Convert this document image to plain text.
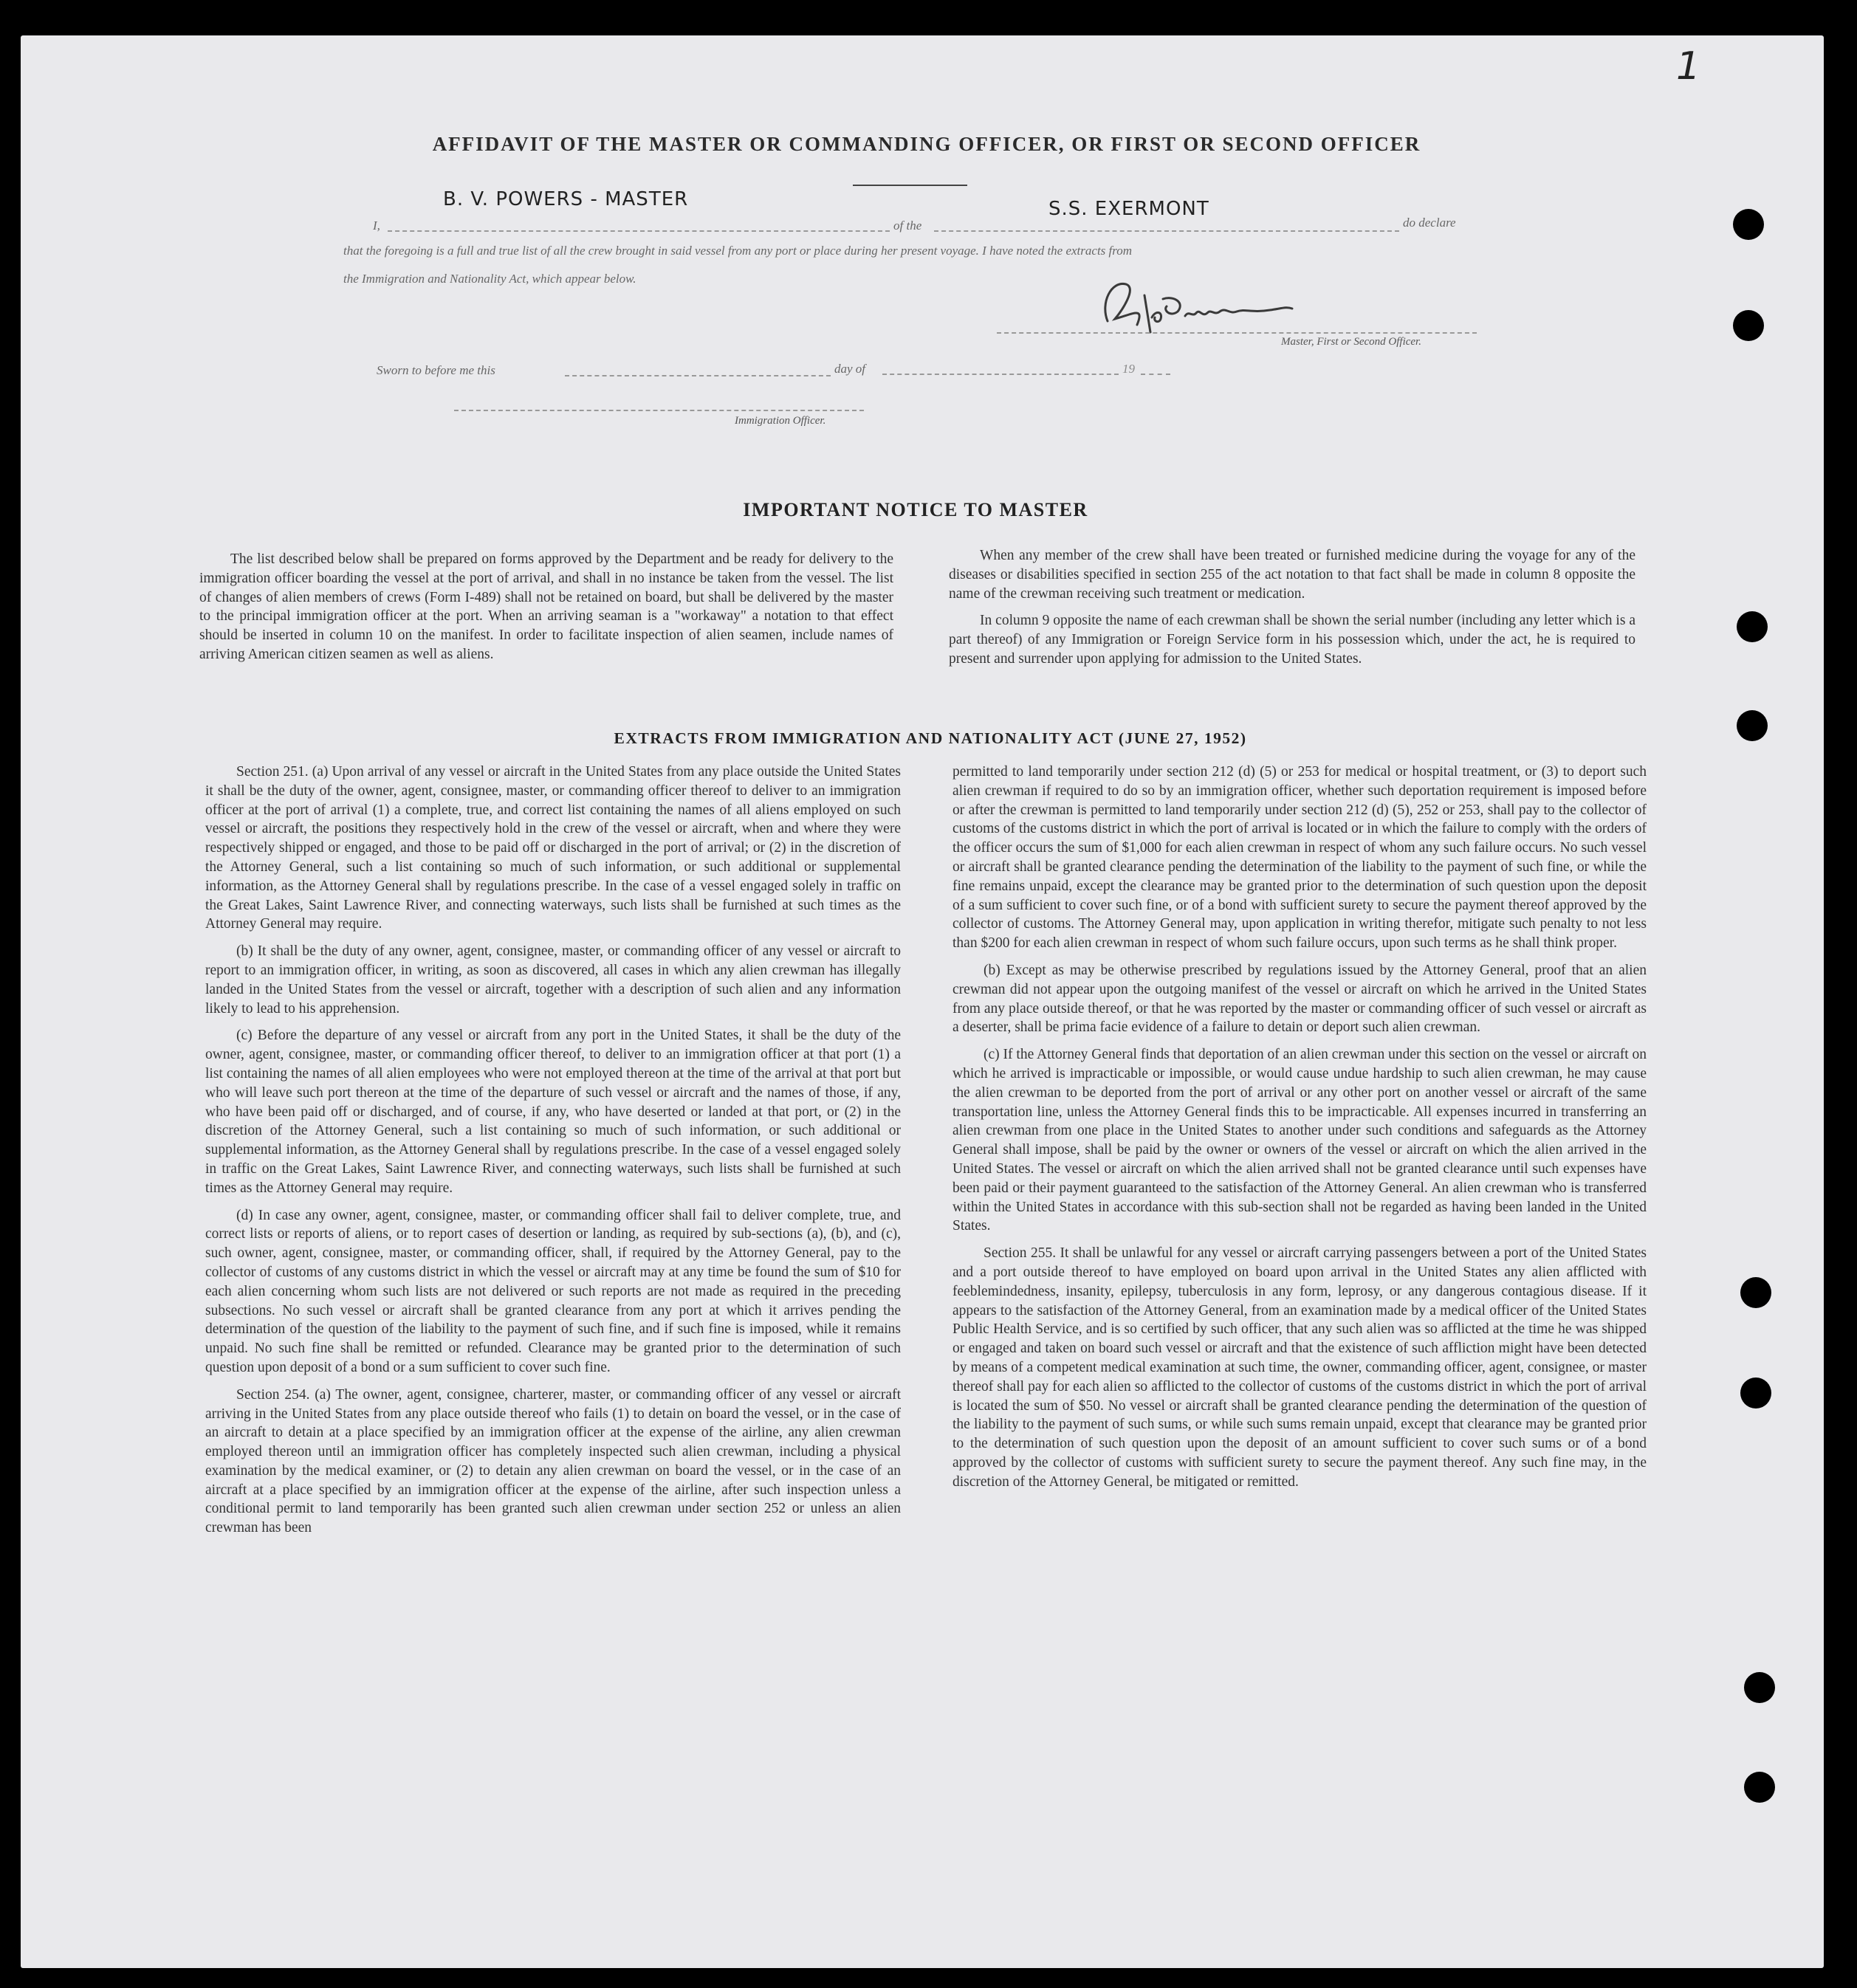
1
AFFIDAVIT OF THE MASTER OR COMMANDING OFFICER, OR FIRST OR SECOND OFFICER
B. V. POWERS - MASTER	S.S. EXERMONT
I,	of the	do declare
that the foregoing is a full and true list of all the crew brought in said vessel from any port or place during her present voyage. I have noted the extracts from
the Immigration and Nationality Act, which appear below.
Master, First or Second Officer.
Sworn to before me this	day of	19
Immigration Officer.
IMPORTANT NOTICE TO MASTER

The list described below shall be prepared on forms approved by the Department and be ready for delivery to the immigration officer boarding the vessel at the port of arrival, and shall in no instance be taken from the vessel. The list of changes of alien members of crews (Form I-489) shall not be retained on board, but shall be delivered by the master to the principal immigration officer at the port. When an arriving seaman is a "workaway" a notation to that effect should be inserted in column 10 on the manifest. In order to facilitate inspection of alien seamen, include names of arriving American citizen seamen as well as aliens.

When any member of the crew shall have been treated or furnished medicine during the voyage for any of the diseases or disabilities specified in section 255 of the act notation to that fact shall be made in column 8 opposite the name of the crewman receiving such treatment or medication.

In column 9 opposite the name of each crewman shall be shown the serial number (including any letter which is a part thereof) of any Immigration or Foreign Service form in his possession which, under the act, he is required to present and surrender upon applying for admission to the United States.

EXTRACTS FROM IMMIGRATION AND NATIONALITY ACT (JUNE 27, 1952)

Section 251. (a) Upon arrival of any vessel or aircraft in the United States from any place outside the United States it shall be the duty of the owner, agent, consignee, master, or commanding officer thereof to deliver to an immigration officer at the port of arrival (1) a complete, true, and correct list containing the names of all aliens employed on such vessel or aircraft, the positions they respectively hold in the crew of the vessel or aircraft, when and where they were respectively shipped or engaged, and those to be paid off or discharged in the port of arrival; or (2) in the discretion of the Attorney General, such a list containing so much of such information, or such additional or supplemental information, as the Attorney General shall by regulations prescribe. In the case of a vessel engaged solely in traffic on the Great Lakes, Saint Lawrence River, and connecting waterways, such lists shall be furnished at such times as the Attorney General may require.

(b) It shall be the duty of any owner, agent, consignee, master, or commanding officer of any vessel or aircraft to report to an immigration officer, in writing, as soon as discovered, all cases in which any alien crewman has illegally landed in the United States from the vessel or aircraft, together with a description of such alien and any information likely to lead to his apprehension.

(c) Before the departure of any vessel or aircraft from any port in the United States, it shall be the duty of the owner, agent, consignee, master, or commanding officer thereof, to deliver to an immigration officer at that port (1) a list containing the names of all alien employees who were not employed thereon at the time of the arrival at that port but who will leave such port thereon at the time of the departure of such vessel or aircraft and the names of those, if any, who have been paid off or discharged, and of course, if any, who have deserted or landed at that port, or (2) in the discretion of the Attorney General, such a list containing so much of such information, or such additional or supplemental information, as the Attorney General shall by regulations prescribe. In the case of a vessel engaged solely in traffic on the Great Lakes, Saint Lawrence River, and connecting waterways, such lists shall be furnished at such times as the Attorney General may require.

(d) In case any owner, agent, consignee, master, or commanding officer shall fail to deliver complete, true, and correct lists or reports of aliens, or to report cases of desertion or landing, as required by sub-sections (a), (b), and (c), such owner, agent, consignee, master, or commanding officer, shall, if required by the Attorney General, pay to the collector of customs of any customs district in which the vessel or aircraft may at any time be found the sum of $10 for each alien concerning whom such lists are not delivered or such reports are not made as required in the preceding subsections. No such vessel or aircraft shall be granted clearance from any port at which it arrives pending the determination of the question of the liability to the payment of such fine, and if such fine is imposed, while it remains unpaid. No such fine shall be remitted or refunded. Clearance may be granted prior to the determination of such question upon deposit of a bond or a sum sufficient to cover such fine.

Section 254. (a) The owner, agent, consignee, charterer, master, or commanding officer of any vessel or aircraft arriving in the United States from any place outside thereof who fails (1) to detain on board the vessel, or in the case of an aircraft to detain at a place specified by an immigration officer at the expense of the airline, any alien crewman employed thereon until an immigration officer has completely inspected such alien crewman, including a physical examination by the medical examiner, or (2) to detain any alien crewman on board the vessel, or in the case of an aircraft at a place specified by an immigration officer at the expense of the airline, after such inspection unless a conditional permit to land temporarily has been granted such alien crewman under section 252 or unless an alien crewman has been

permitted to land temporarily under section 212 (d) (5) or 253 for medical or hospital treatment, or (3) to deport such alien crewman if required to do so by an immigration officer, whether such deportation requirement is imposed before or after the crewman is permitted to land temporarily under section 212 (d) (5), 252 or 253, shall pay to the collector of customs of the customs district in which the port of arrival is located or in which the failure to comply with the orders of the officer occurs the sum of $1,000 for each alien crewman in respect of whom any such failure occurs. No such vessel or aircraft shall be granted clearance pending the determination of the liability to the payment of such fine, or while the fine remains unpaid, except the clearance may be granted prior to the determination of such question upon the deposit of a sum sufficient to cover such fine, or of a bond with sufficient surety to secure the payment thereof approved by the collector of customs. The Attorney General may, upon application in writing therefor, mitigate such penalty to not less than $200 for each alien crewman in respect of whom such failure occurs, upon such terms as he shall think proper.

(b) Except as may be otherwise prescribed by regulations issued by the Attorney General, proof that an alien crewman did not appear upon the outgoing manifest of the vessel or aircraft on which he arrived in the United States from any place outside thereof, or that he was reported by the master or commanding officer of such vessel or aircraft as a deserter, shall be prima facie evidence of a failure to detain or deport such alien crewman.

(c) If the Attorney General finds that deportation of an alien crewman under this section on the vessel or aircraft on which he arrived is impracticable or impossible, or would cause undue hardship to such alien crewman, he may cause the alien crewman to be deported from the port of arrival or any other port on another vessel or aircraft of the same transportation line, unless the Attorney General finds this to be impracticable. All expenses incurred in transferring an alien crewman from one place in the United States to another under such conditions and safeguards as the Attorney General shall impose, shall be paid by the owner or owners of the vessel or aircraft on which the alien arrived in the United States. The vessel or aircraft on which the alien arrived shall not be granted clearance until such expenses have been paid or their payment guaranteed to the satisfaction of the Attorney General. An alien crewman who is transferred within the United States in accordance with this sub-section shall not be regarded as having been landed in the United States.

Section 255. It shall be unlawful for any vessel or aircraft carrying passengers between a port of the United States and a port outside thereof to have employed on board upon arrival in the United States any alien afflicted with feeblemindedness, insanity, epilepsy, tuberculosis in any form, leprosy, or any dangerous contagious disease. If it appears to the satisfaction of the Attorney General, from an examination made by a medical officer of the United States Public Health Service, and is so certified by such officer, that any such alien was so afflicted at the time he was shipped or engaged and taken on board such vessel or aircraft and that the existence of such affliction might have been detected by means of a competent medical examination at such time, the owner, commanding officer, agent, consignee, or master thereof shall pay for each alien so afflicted to the collector of customs of the customs district in which the port of arrival is located the sum of $50. No vessel or aircraft shall be granted clearance pending the determination of the question of the liability to the payment of such sums, or while such sums remain unpaid, except that clearance may be granted prior to the determination of such question upon the deposit of an amount sufficient to cover such sums or of a bond approved by the collector of customs with sufficient surety to secure the payment thereof. Any such fine may, in the discretion of the Attorney General, be mitigated or remitted.
